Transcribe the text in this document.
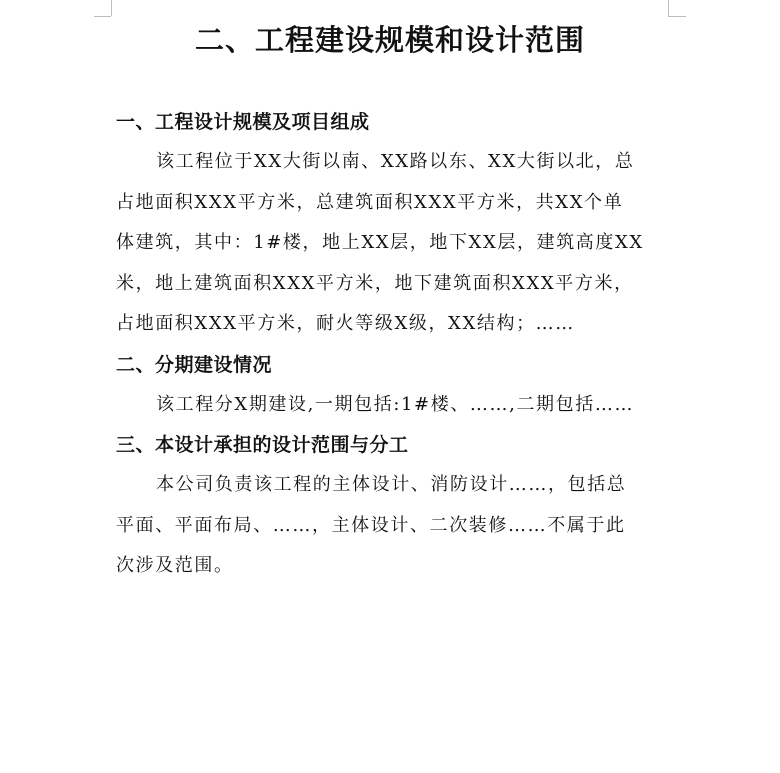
二、工程建设规模和设计范围
一、工程设计规模及项目组成

该工程位于XX大街以南、XX路以东、XX大街以北，总
占地面积XXX平方米，总建筑面积XXX平方米，共XX个单
体建筑，其中：1#楼，地上XX层，地下XX层，建筑高度XX
米，地上建筑面积XXX平方米，地下建筑面积XXX平方米，
占地面积XXX平方米，耐火等级X级，XX结构；……

二、分期建设情况

该工程分X期建设,一期包括:1#楼、……,二期包括……

三、本设计承担的设计范围与分工

本公司负责该工程的主体设计、消防设计……，包括总
平面、平面布局、……，主体设计、二次装修……不属于此
次涉及范围。
